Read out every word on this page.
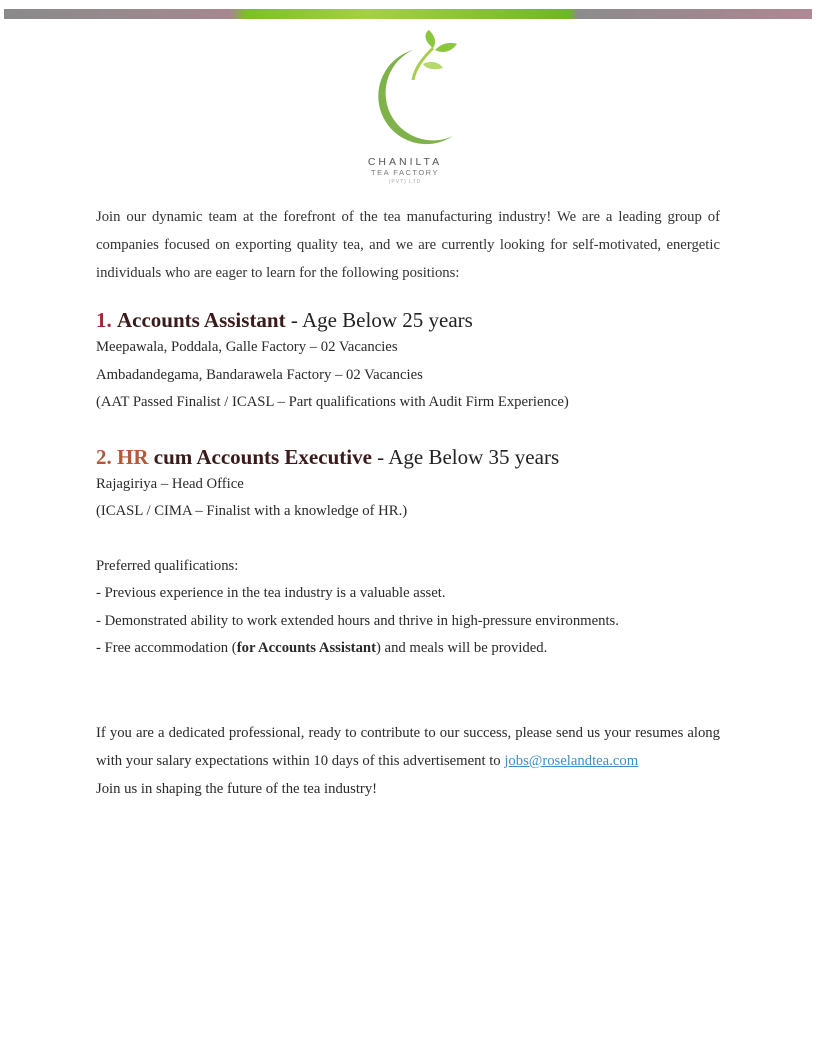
CHANILTA
TEA FACTORY
(PVT) LTD

Join our dynamic team at the forefront of the tea manufacturing industry! We are a leading group of companies focused on exporting quality tea, and we are currently looking for self-motivated, energetic individuals who are eager to learn for the following positions:

1. Accounts Assistant - Age Below 25 years

Meepawala, Poddala, Galle Factory – 02 Vacancies

Ambadandegama, Bandarawela Factory – 02 Vacancies

(AAT Passed Finalist / ICASL – Part qualifications with Audit Firm Experience)

2. HR cum Accounts Executive - Age Below 35 years

Rajagiriya – Head Office

(ICASL / CIMA – Finalist with a knowledge of HR.)

Preferred qualifications:

- Previous experience in the tea industry is a valuable asset.

- Demonstrated ability to work extended hours and thrive in high-pressure environments.

- Free accommodation (for Accounts Assistant) and meals will be provided.

If you are a dedicated professional, ready to contribute to our success, please send us your resumes along with your salary expectations within 10 days of this advertisement to jobs@roselandtea.com

Join us in shaping the future of the tea industry!
